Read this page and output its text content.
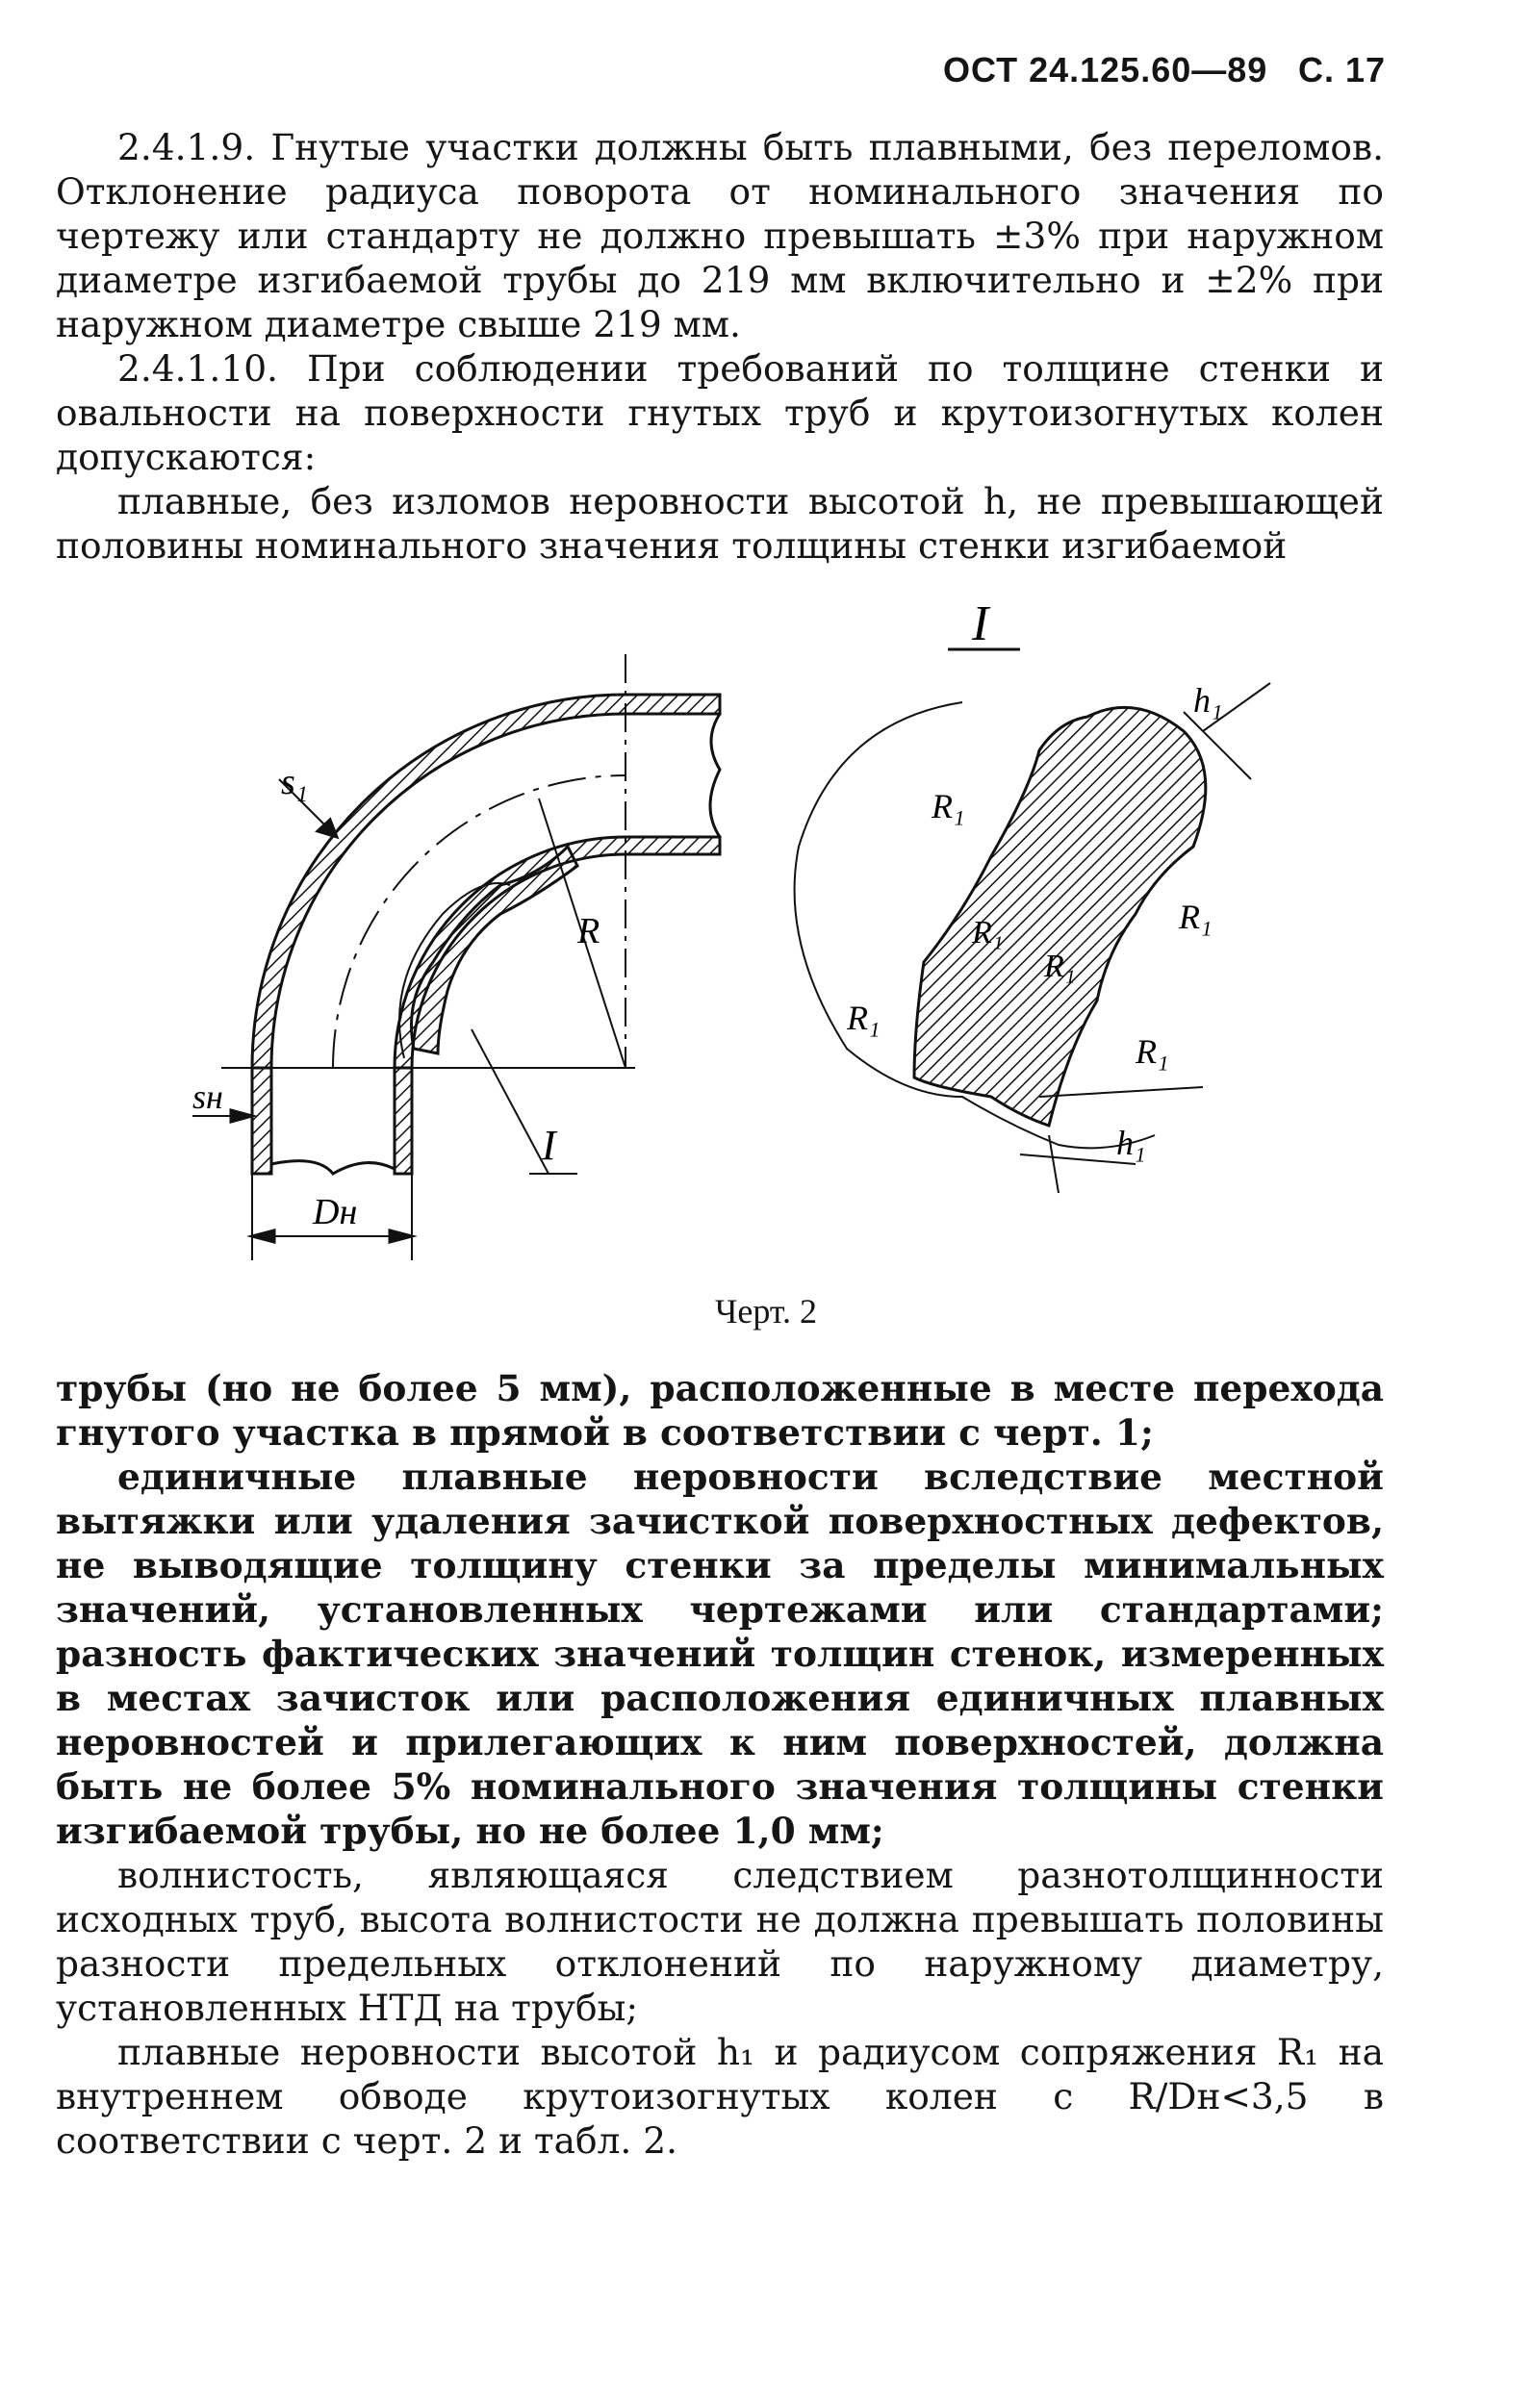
ОСТ 24.125.60—89 С. 17

2.4.1.9. Гнутые участки должны быть плавными, без переломов. Отклонение радиуса поворота от номинального значения по чертежу или стандарту не должно превышать ±3% при наружном диаметре изгибаемой трубы до 219 мм включительно и ±2% при наружном диаметре свыше 219 мм.

2.4.1.10. При соблюдении требований по толщине стенки и овальности на поверхности гнутых труб и крутоизогнутых колен допускаются:

плавные, без изломов неровности высотой h, не превышающей половины номинального значения толщины стенки изгибаемой

s₁
sн
Dн
R
I
I
h₁
R₁
R₁
R₁
R₁
R₁
R₁
h₁
Черт. 2

трубы (но не более 5 мм), расположенные в месте перехода гнутого участка в прямой в соответствии с черт. 1;

единичные плавные неровности вследствие местной вытяжки или удаления зачисткой поверхностных дефектов, не выводящие толщину стенки за пределы минимальных значений, установленных чертежами или стандартами; разность фактических значений толщин стенок, измеренных в местах зачисток или расположения единичных плавных неровностей и прилегающих к ним поверхностей, должна быть не более 5% номинального значения толщины стенки изгибаемой трубы, но не более 1,0 мм;

волнистость, являющаяся следствием разнотолщинности исходных труб, высота волнистости не должна превышать половины разности предельных отклонений по наружному диаметру, установленных НТД на трубы;

плавные неровности высотой h₁ и радиусом сопряжения R₁ на внутреннем обводе крутоизогнутых колен с R/Dн<3,5 в соответствии с черт. 2 и табл. 2.
